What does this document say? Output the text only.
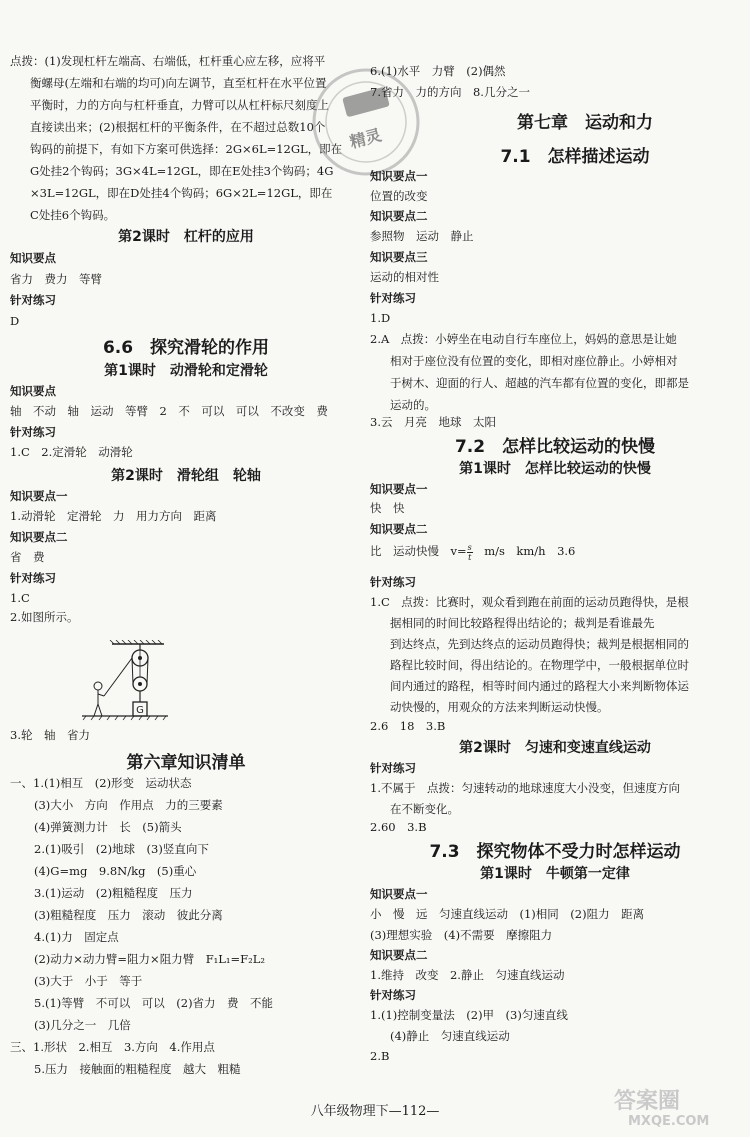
点拨：(1)发现杠杆左端高、右端低，杠杆重心应左移，应将平
衡螺母(左端和右端的均可)向左调节，直至杠杆在水平位置
平衡时，力的方向与杠杆垂直，力臂可以从杠杆标尺刻度上
直接读出来；(2)根据杠杆的平衡条件，在不超过总数10个
钩码的前提下，有如下方案可供选择：2G×6L=12GL，即在
G处挂2个钩码；3G×4L=12GL，即在E处挂3个钩码；4G
×3L=12GL，即在D处挂4个钩码；6G×2L=12GL，即在
C处挂6个钩码。
第2课时　杠杆的应用
知识要点
省力　费力　等臂
针对练习
D
6.6　探究滑轮的作用
第1课时　动滑轮和定滑轮
知识要点
轴　不动　轴　运动　等臂　2　不　可以　可以　不改变　费
针对练习
1.C　2.定滑轮　动滑轮
第2课时　滑轮组　轮轴
知识要点一
1.动滑轮　定滑轮　力　用力方向　距离
知识要点二
省　费
针对练习
1.C
2.如图所示。
3.轮　轴　省力
第六章知识清单
一、1.(1)相互　(2)形变　运动状态
(3)大小　方向　作用点　力的三要素
(4)弹簧测力计　长　(5)箭头
2.(1)吸引　(2)地球　(3)竖直向下
(4)G=mg　9.8N/kg　(5)重心
3.(1)运动　(2)粗糙程度　压力
(3)粗糙程度　压力　滚动　彼此分离
4.(1)力　固定点
(2)动力×动力臂=阻力×阻力臂　F₁L₁=F₂L₂
(3)大于　小于　等于
5.(1)等臂　不可以　可以　(2)省力　费　不能
(3)几分之一　几倍
三、1.形状　2.相互　3.方向　4.作用点
5.压力　接触面的粗糙程度　越大　粗糙
G
精灵
6.(1)水平　力臂　(2)偶然
7.省力　力的方向　8.几分之一
第七章　运动和力
7.1　怎样描述运动
知识要点一
位置的改变
知识要点二
参照物　运动　静止
知识要点三
运动的相对性
针对练习
1.D
2.A　点拨：小婷坐在电动自行车座位上，妈妈的意思是让她
相对于座位没有位置的变化，即相对座位静止。小婷相对
于树木、迎面的行人、超越的汽车都有位置的变化，即都是
运动的。
3.云　月亮　地球　太阳
7.2　怎样比较运动的快慢
第1课时　怎样比较运动的快慢
知识要点一
快　快
知识要点二
比　运动快慢　$v= \frac{s}{t}$ 　m/s　km/h　3.6
针对练习
1.C　点拨：比赛时，观众看到跑在前面的运动员跑得快，是根
据相同的时间比较路程得出结论的；裁判是看谁最先
到达终点，先到达终点的运动员跑得快；裁判是根据相同的
路程比较时间，得出结论的。在物理学中，一般根据单位时
间内通过的路程，相等时间内通过的路程大小来判断物体运
动快慢的，用观众的方法来判断运动快慢。
2.6　18　3.B
第2课时　匀速和变速直线运动
针对练习
1.不属于　点拨：匀速转动的地球速度大小没变，但速度方向
在不断变化。
2.60　3.B
7.3　探究物体不受力时怎样运动
第1课时　牛顿第一定律
知识要点一
小　慢　远　匀速直线运动　(1)相同　(2)阻力　距离
(3)理想实验　(4)不需要　摩擦阻力
知识要点二
1.维持　改变　2.静止　匀速直线运动
针对练习
1.(1)控制变量法　(2)甲　(3)匀速直线
(4)静止　匀速直线运动
2.B
八年级物理下—112—	答案圈
MXQE.COM
